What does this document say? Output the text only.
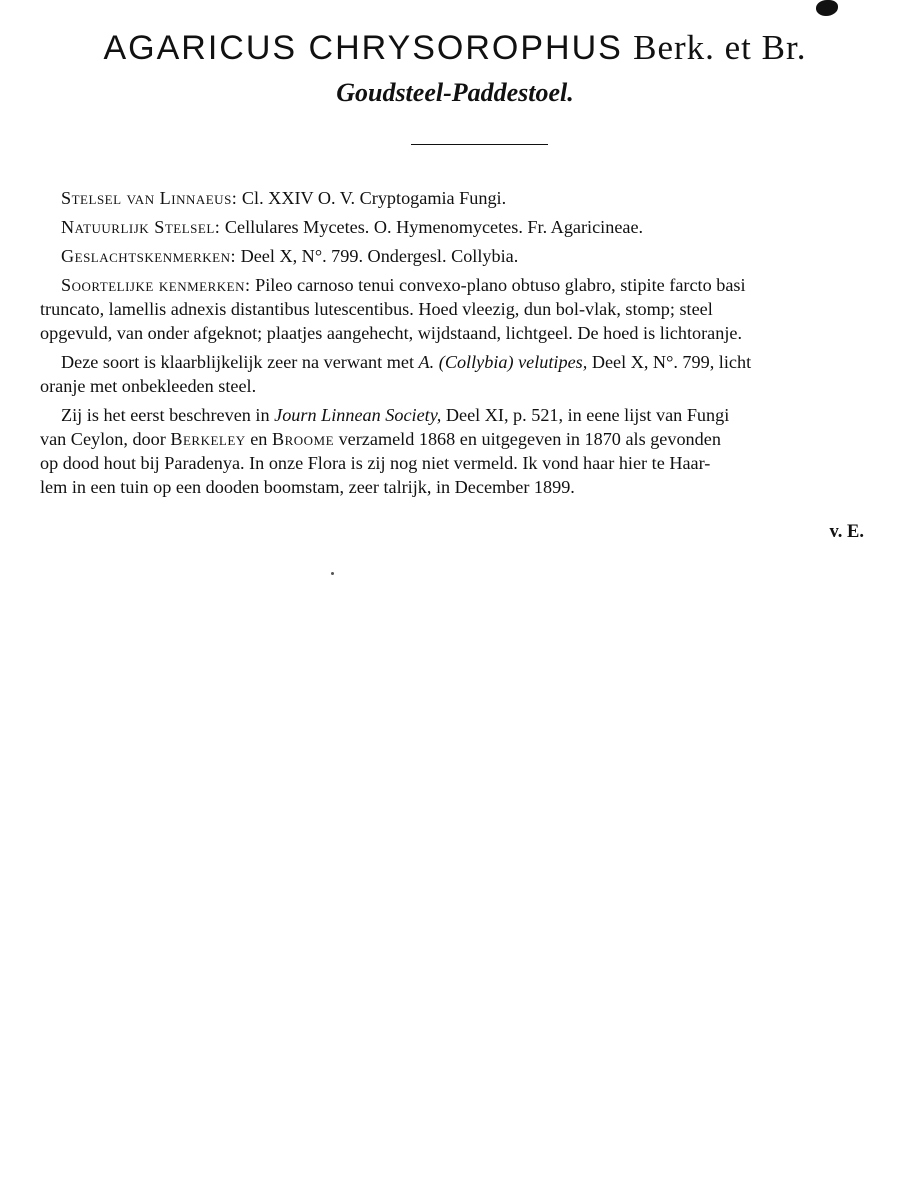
AGARICUS CHRYSOROPHUS Berk. et Br.
Goudsteel-Paddestoel.

Stelsel van Linnaeus: Cl. XXIV O. V. Cryptogamia Fungi.

Natuurlijk Stelsel: Cellulares Mycetes. O. Hymenomycetes. Fr. Agaricineae.

Geslachtskenmerken: Deel X, N°. 799. Ondergesl. Collybia.

Soortelijke kenmerken: Pileo carnoso tenui convexo-plano obtuso glabro, stipite farcto basi
truncato, lamellis adnexis distantibus lutescentibus. Hoed vleezig, dun bol-vlak, stomp; steel
opgevuld, van onder afgeknot; plaatjes aangehecht, wijdstaand, lichtgeel. De hoed is lichtoranje.

Deze soort is klaarblijkelijk zeer na verwant met A. (Collybia) velutipes, Deel X, N°. 799, licht
oranje met onbekleeden steel.

Zij is het eerst beschreven in Journ Linnean Society, Deel XI, p. 521, in eene lijst van Fungi
van Ceylon, door Berkeley en Broome verzameld 1868 en uitgegeven in 1870 als gevonden
op dood hout bij Paradenya. In onze Flora is zij nog niet vermeld. Ik vond haar hier te Haar-
lem in een tuin op een dooden boomstam, zeer talrijk, in December 1899.

v. E.
